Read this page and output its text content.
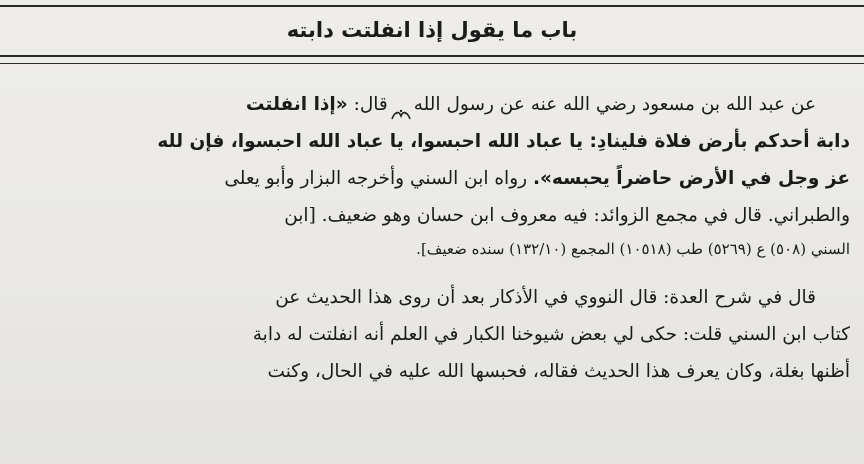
باب ما يقول إذا انفلتت دابته
عن عبد الله بن مسعود رضي الله عنه عن رسول اللهقال: «إذا انفلتت
دابة أحدكم بأرض فلاة فلينادِ: يا عباد الله احبسوا، يا عباد الله احبسوا، فإن لله
عز وجل في الأرض حاضراً يحبسه». رواه ابن السني وأخرجه البزار وأبو يعلى
والطبراني. قال في مجمع الزوائد: فيه معروف ابن حسان وهو ضعيف. [ابن
السني (٥٠٨) ع (٥٢٦٩) طب (١٠٥١٨) المجمع (١٣٢/١٠) سنده ضعيف].
قال في شرح العدة: قال النووي في الأذكار بعد أن روى هذا الحديث عن
كتاب ابن السني قلت: حكى لي بعض شيوخنا الكبار في العلم أنه انفلتت له دابة
أظنها بغلة، وكان يعرف هذا الحديث فقاله، فحبسها الله عليه في الحال، وكنت
